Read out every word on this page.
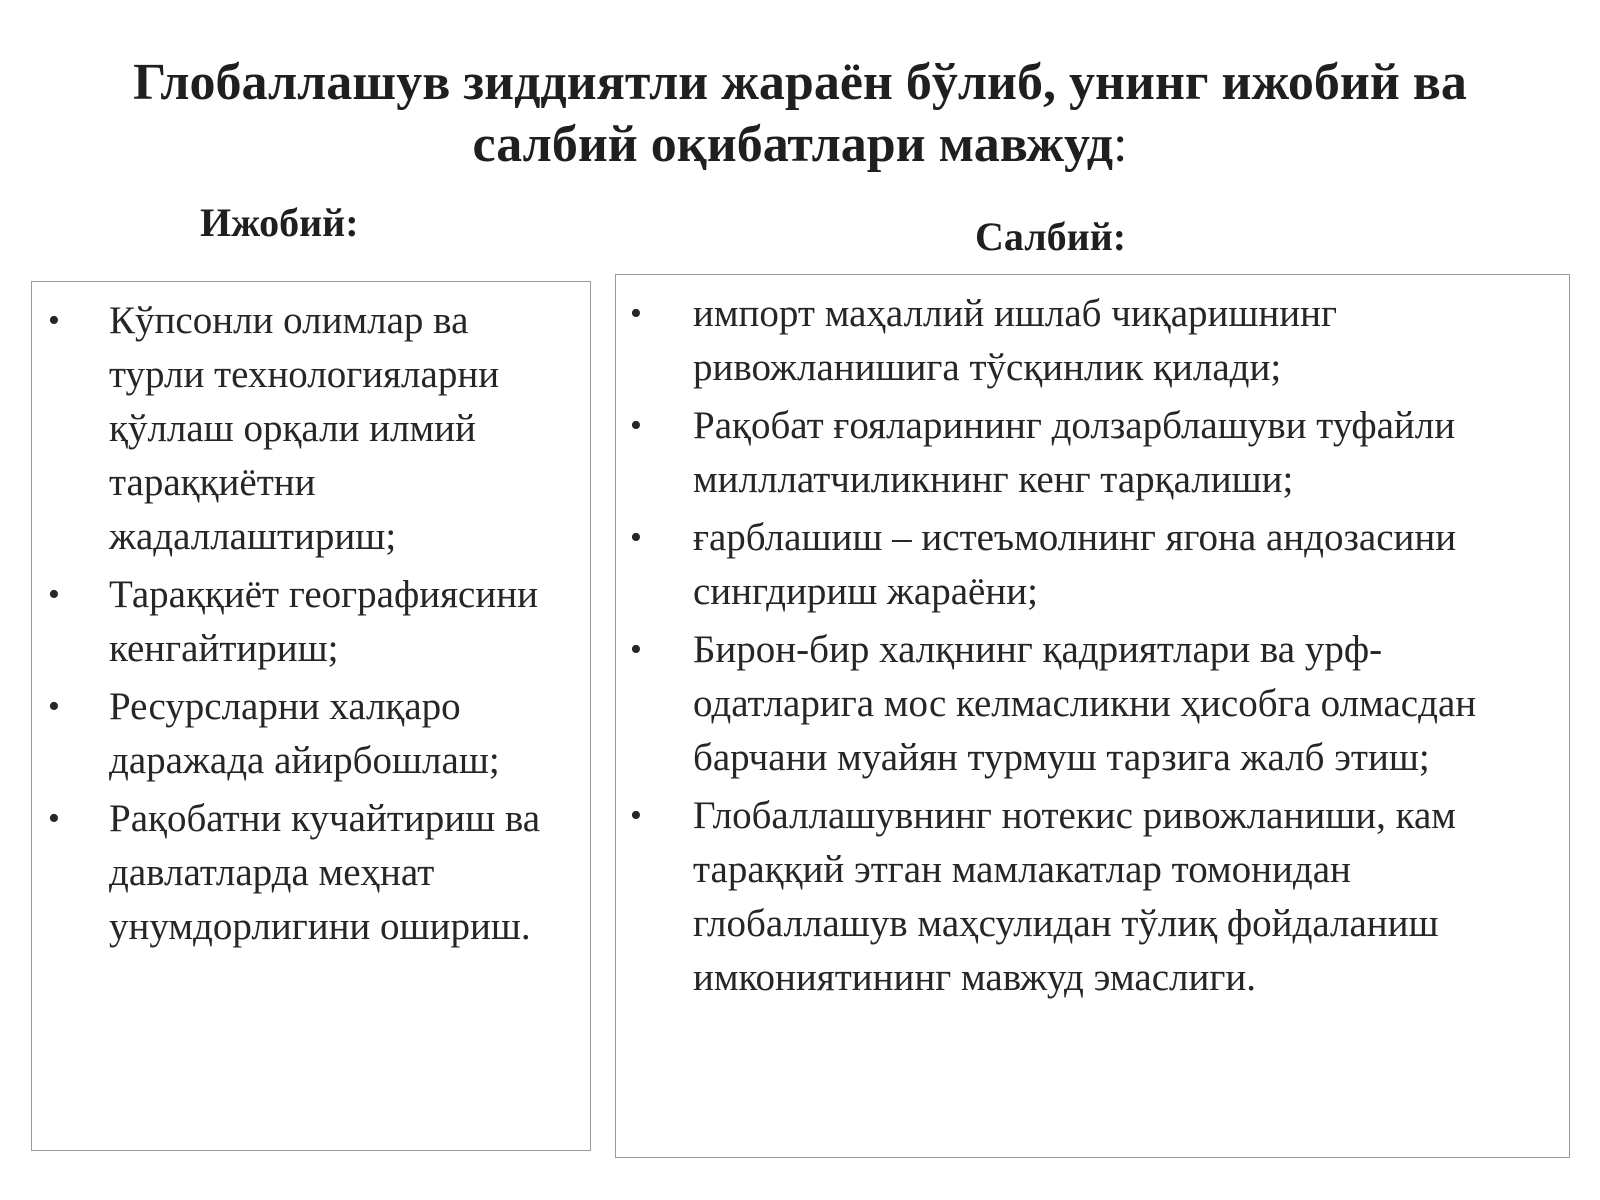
Глобаллашув зиддиятли жараён бўлиб, унинг ижобий ва салбий оқибатлари мавжуд:
Ижобий:	Салбий:
• Кўпсонли олимлар ва турли технологияларни қўллаш орқали илмий тараққиётни жадаллаштириш;
• Тараққиёт географиясини кенгайтириш;
• Ресурсларни халқаро даражада айирбошлаш;
• Рақобатни кучайтириш ва давлатларда меҳнат унумдорлигини ошириш.
• импорт маҳаллий ишлаб чиқаришнинг ривожланишига тўсқинлик қилади;
• Рақобат ғояларининг долзарблашуви туфайли милллатчиликнинг кенг тарқалиши;
• ғарблашиш – истеъмолнинг ягона андозасини сингдириш жараёни;
• Бирон-бир халқнинг қадриятлари ва урф-одатларига мос келмасликни ҳисобга олмасдан барчани муайян турмуш тарзига жалб этиш;
• Глобаллашувнинг нотекис ривожланиши, кам тараққий этган мамлакатлар томонидан глобаллашув маҳсулидан тўлиқ фойдаланиш имкониятининг мавжуд эмаслиги.
